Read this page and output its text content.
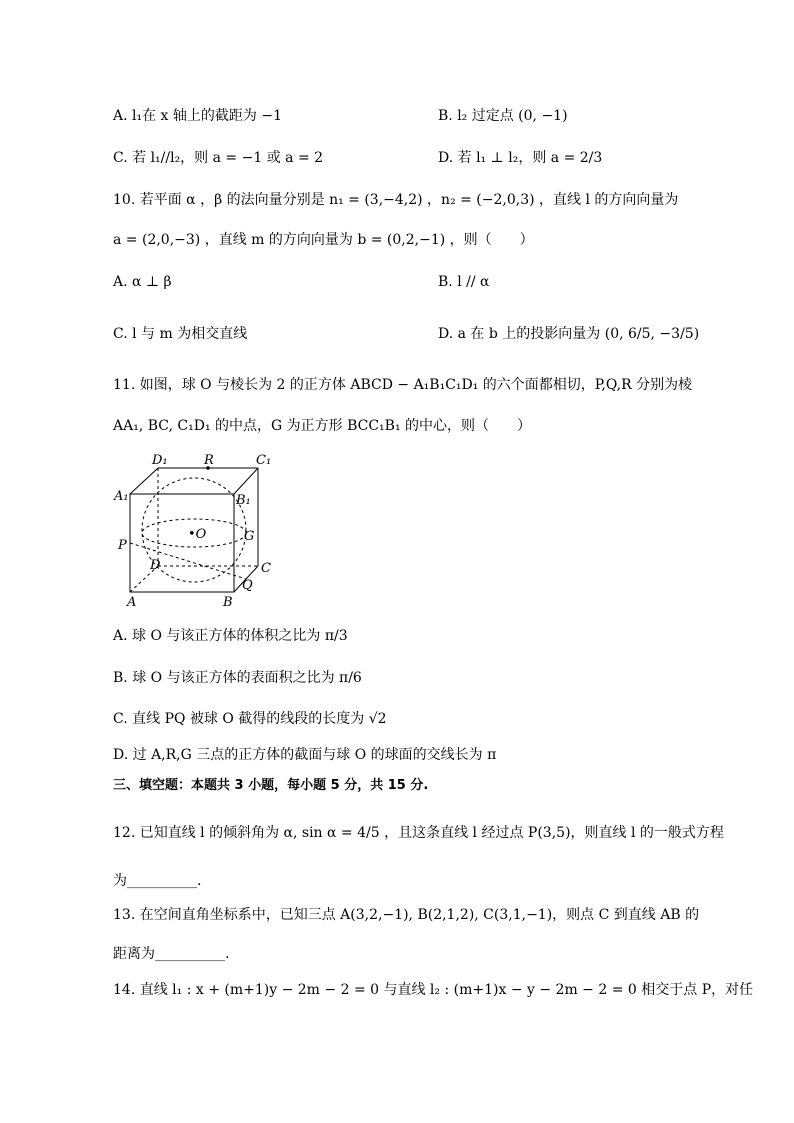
A. l₁在 x 轴上的截距为 −1	B. l₂ 过定点 (0, −1)
C. 若 l₁//l₂，则 a = −1 或 a = 2	D. 若 l₁ ⊥ l₂，则 a = 2/3
10. 若平面 α ，β 的法向量分别是 n₁ = (3,−4,2) ，n₂ = (−2,0,3) ，直线 l 的方向向量为
a = (2,0,−3) ，直线 m 的方向向量为 b = (0,2,−1) ，则（　　）
A. α ⊥ β	B. l // α
C. l 与 m 为相交直线	D. a 在 b 上的投影向量为 (0, 6/5, −3/5)
11. 如图，球 O 与棱长为 2 的正方体 ABCD − A₁B₁C₁D₁ 的六个面都相切，P,Q,R 分别为棱
AA₁, BC, C₁D₁ 的中点，G 为正方形 BCC₁B₁ 的中心，则（　　）
D₁	R	C₁
A₁	B₁
•O	G
P
D	C
Q
A	B
A. 球 O 与该正方体的体积之比为 π/3
B. 球 O 与该正方体的表面积之比为 π/6
C. 直线 PQ 被球 O 截得的线段的长度为 √2
D. 过 A,R,G 三点的正方体的截面与球 O 的球面的交线长为 π
三、填空题：本题共 3 小题，每小题 5 分，共 15 分.
12. 已知直线 l 的倾斜角为 α, sin α = 4/5 ，且这条直线 l 经过点 P(3,5)，则直线 l 的一般式方程
为__________.
13. 在空间直角坐标系中，已知三点 A(3,2,−1), B(2,1,2), C(3,1,−1)，则点 C 到直线 AB 的
距离为__________.
14. 直线 l₁ : x + (m+1)y − 2m − 2 = 0 与直线 l₂ : (m+1)x − y − 2m − 2 = 0 相交于点 P，对任
